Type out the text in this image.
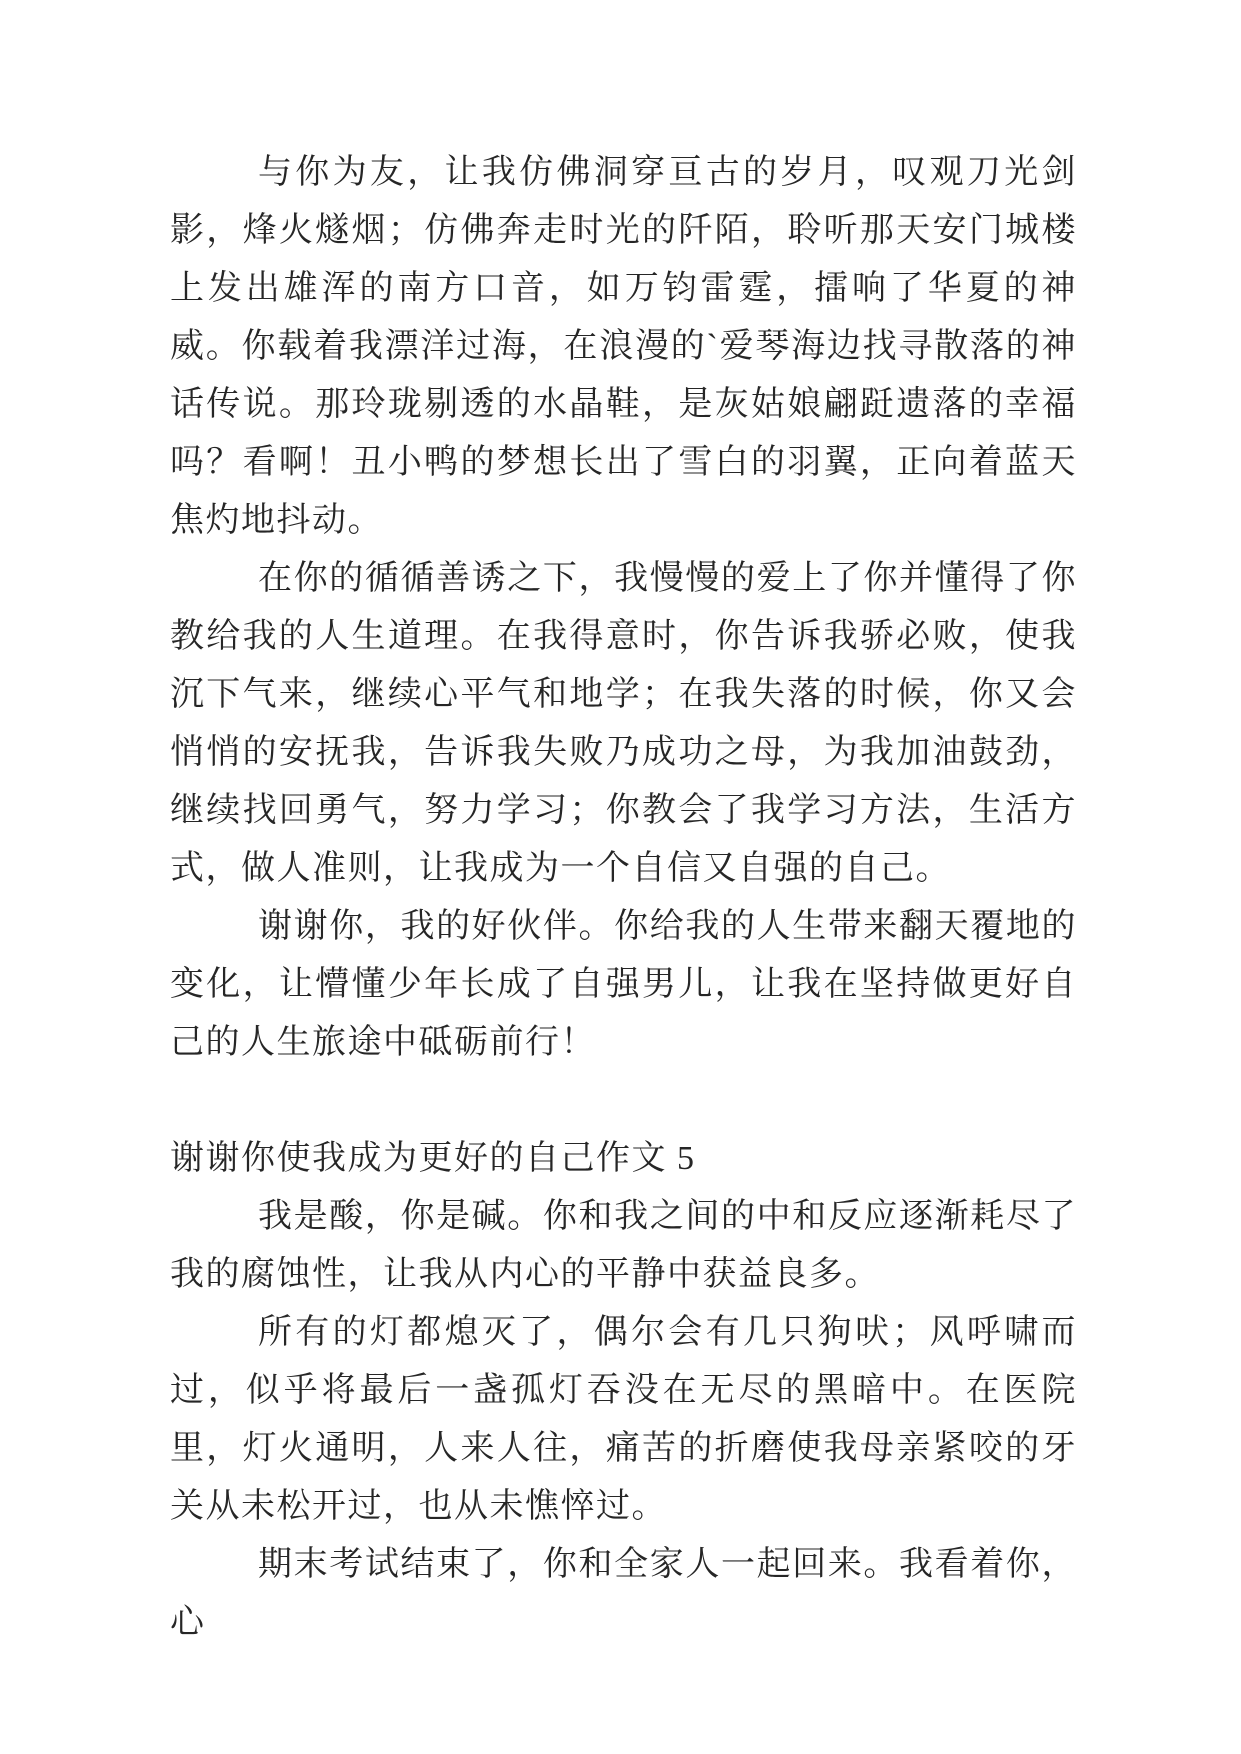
与你为友，让我仿佛洞穿亘古的岁月，叹观刀光剑影，烽火燧烟；仿佛奔走时光的阡陌，聆听那天安门城楼上发出雄浑的南方口音，如万钧雷霆，擂响了华夏的神威。你载着我漂洋过海，在浪漫的`爱琴海边找寻散落的神话传说。那玲珑剔透的水晶鞋，是灰姑娘翩跹遗落的幸福吗？看啊！丑小鸭的梦想长出了雪白的羽翼，正向着蓝天焦灼地抖动。

在你的循循善诱之下，我慢慢的爱上了你并懂得了你教给我的人生道理。在我得意时，你告诉我骄必败，使我沉下气来，继续心平气和地学；在我失落的时候，你又会悄悄的安抚我，告诉我失败乃成功之母，为我加油鼓劲，继续找回勇气，努力学习；你教会了我学习方法，生活方式，做人准则，让我成为一个自信又自强的自己。

谢谢你，我的好伙伴。你给我的人生带来翻天覆地的变化，让懵懂少年长成了自强男儿，让我在坚持做更好自己的人生旅途中砥砺前行！

谢谢你使我成为更好的自己作文 5

我是酸，你是碱。你和我之间的中和反应逐渐耗尽了我的腐蚀性，让我从内心的平静中获益良多。

所有的灯都熄灭了，偶尔会有几只狗吠；风呼啸而过，似乎将最后一盏孤灯吞没在无尽的黑暗中。在医院里，灯火通明，人来人往，痛苦的折磨使我母亲紧咬的牙关从未松开过，也从未憔悴过。

期末考试结束了，你和全家人一起回来。我看着你，心
